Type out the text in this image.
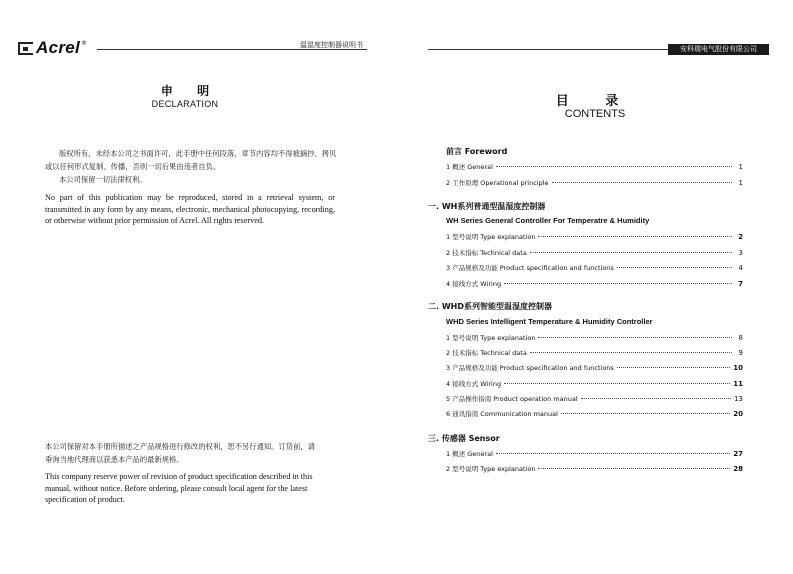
Acrel ®	温湿度控制器说明书	安科瑞电气股份有限公司
申 明
DECLARATION
版权所有，未经本公司之书面许可，此手册中任何段落，章节内容均不得被摘抄、拷贝或以任何形式复制、传播，否则一切后果由违者自负。
本公司保留一切法律权利。
No part of this publication may be reproduced, stored in a retrieval system, or transmitted in any form by any means, electronic, mechanical photocopying, recording, or otherwise without prior permission of Acrel. All rights reserved.
本公司保留对本手册所描述之产品规格进行修改的权利，恕不另行通知。订货前，请垂询当地代理商以获悉本产品的最新规格。
This company reserve power of revision of product specification described in this manual, without notice. Before ordering, please consult local agent for the latest specification of product.
目 录
CONTENTS
前言 Foreword
1 概述 General	1
2 工作原理 Operational principle	1
一. WH系列普通型温湿度控制器
WH Series General Controller For Temperatre & Humidity
1 型号说明 Type explanation	2
2 技术指标 Technical data	3
3 产品规格及功能 Product specification and functions	4
4 接线方式 Wiring	7
二. WHD系列智能型温湿度控制器
WHD Series Intelligent Temperature & Humidity Controller
1 型号说明 Type explanation	8
2 技术指标 Technical data	9
3 产品规格及功能 Product specification and functions	10
4 接线方式 Wiring	11
5 产品操作指南 Product operation manual	13
6 通讯指南 Communication manual	20
三. 传感器 Sensor
1 概述 General	27
2 型号说明 Type explanation	28
